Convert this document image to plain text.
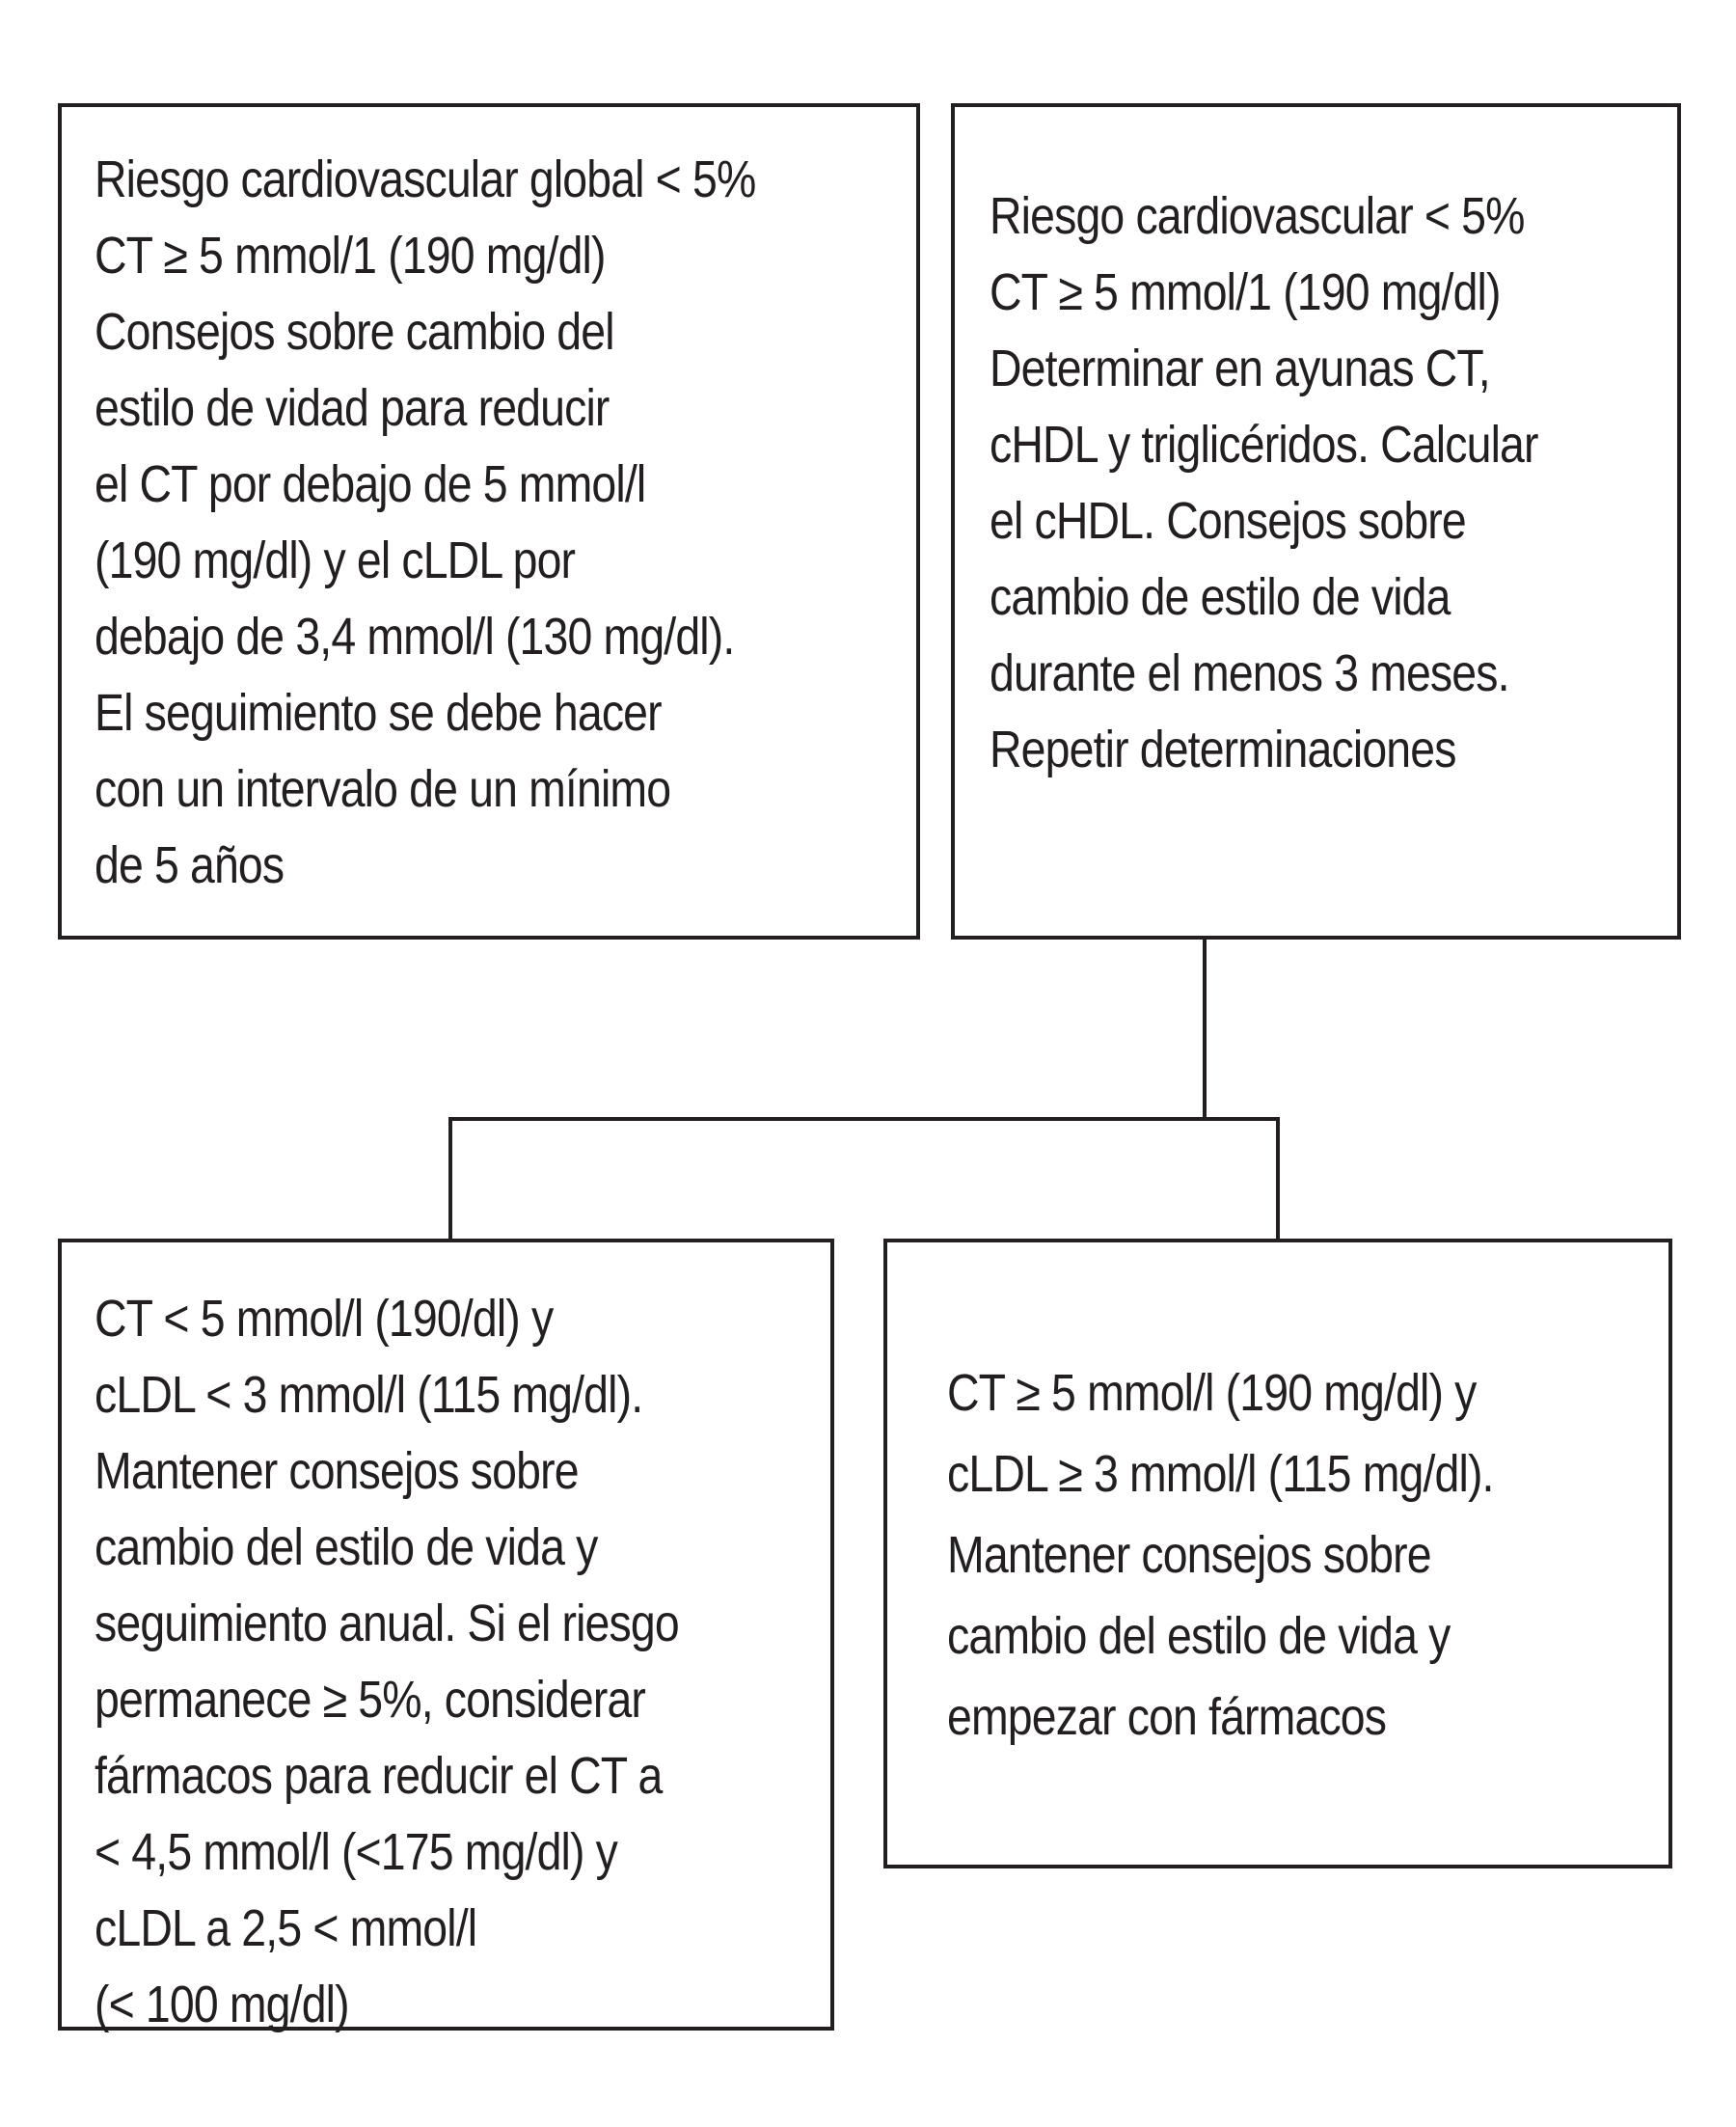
Riesgo cardiovascular global < 5%
CT ≥ 5 mmol/1 (190 mg/dl)
Consejos sobre cambio del
estilo de vidad para reducir
el CT por debajo de 5 mmol/l
(190 mg/dl) y el cLDL por
debajo de 3,4 mmol/l (130 mg/dl).
El seguimiento se debe hacer
con un intervalo de un mínimo
de 5 años
Riesgo cardiovascular < 5%
CT ≥ 5 mmol/1 (190 mg/dl)
Determinar en ayunas CT,
cHDL y triglicéridos. Calcular
el cHDL. Consejos sobre
cambio de estilo de vida
durante el menos 3 meses.
Repetir determinaciones
CT < 5 mmol/l (190/dl) y
cLDL < 3 mmol/l (115 mg/dl).
Mantener consejos sobre
cambio del estilo de vida y
seguimiento anual. Si el riesgo
permanece ≥ 5%, considerar
fármacos para reducir el CT a
< 4,5 mmol/l (<175 mg/dl) y
cLDL a 2,5 < mmol/l
(< 100 mg/dl)
CT ≥ 5 mmol/l (190 mg/dl) y
cLDL ≥ 3 mmol/l (115 mg/dl).
Mantener consejos sobre
cambio del estilo de vida y
empezar con fármacos
